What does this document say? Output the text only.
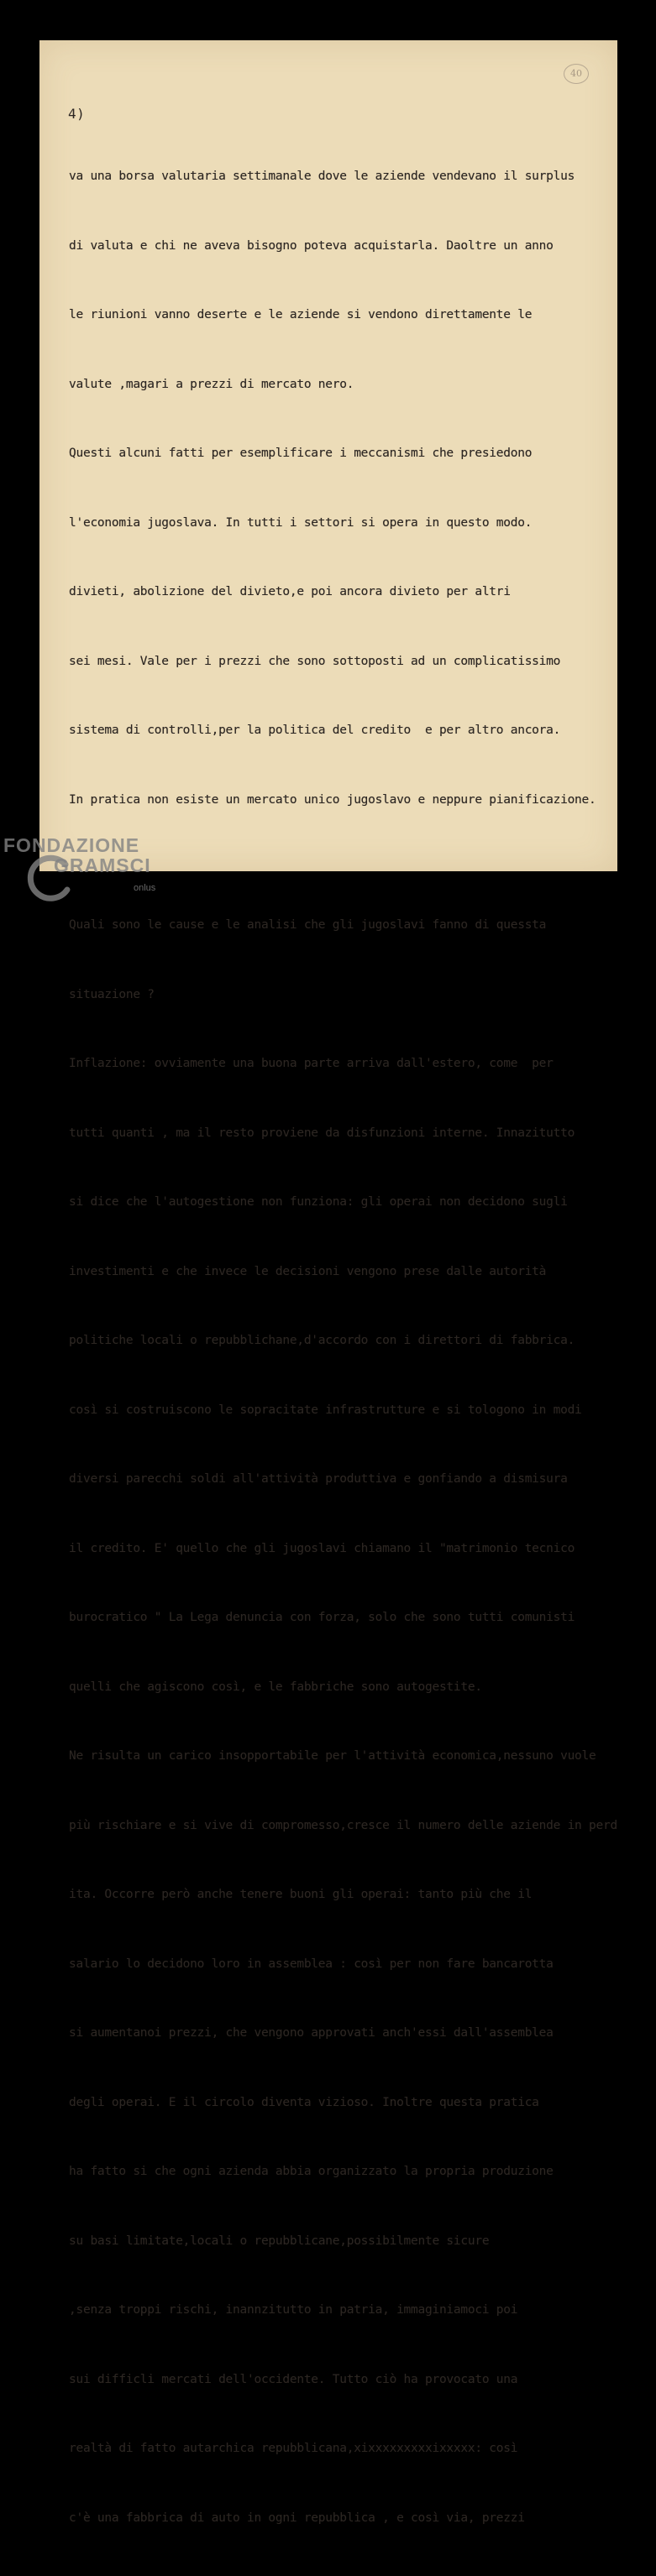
40
4)

va una borsa valutaria settimanale dove le aziende vendevano il surplus

di valuta e chi ne aveva bisogno poteva acquistarla. Daoltre un anno

le riunioni vanno deserte e le aziende si vendono direttamente le

valute ,magari a prezzi di mercato nero.

Questi alcuni fatti per esemplificare i meccanismi che presiedono

l'economia jugoslava. In tutti i settori si opera in questo modo.

divieti, abolizione del divieto,e poi ancora divieto per altri

sei mesi. Vale per i prezzi che sono sottoposti ad un complicatissimo

sistema di controlli,per la politica del credito  e per altro ancora.

In pratica non esiste un mercato unico jugoslavo e neppure pianificazione.

Quali sono le cause e le analisi che gli jugoslavi fanno di quessta

situazione ?

Inflazione: ovviamente una buona parte arriva dall'estero, come  per

tutti quanti , ma il resto proviene da disfunzioni interne. Innazitutto

si dice che l'autogestione non funziona: gli operai non decidono sugli

investimenti e che invece le decisioni vengono prese dalle autorità

politiche locali o repubblichane,d'accordo con i direttori di fabbrica.

così si costruiscono le sopracitate infrastrutture e si tologono in modi

diversi parecchi soldi all'attività produttiva e gonfiando a dismisura

il credito. E' quello che gli jugoslavi chiamano il "matrimonio tecnico

burocratico " La Lega denuncia con forza, solo che sono tutti comunisti

quelli che agiscono così, e le fabbriche sono autogestite.

Ne risulta un carico insopportabile per l'attività economica,nessuno vuole

più rischiare e si vive di compromesso,cresce il numero delle aziende in perd

ita. Occorre però anche tenere buoni gli operai: tanto più che il

salario lo decidono loro in assemblea : così per non fare bancarotta

si aumentanoi prezzi, che vengono approvati anch'essi dall'assemblea

degli operai. E il circolo diventa vizioso. Inoltre questa pratica

ha fatto si che ogni azienda abbia organizzato la propria produzione

su basi limitate,locali o repubblicane,possibilmente sicure

,senza troppi rischi, inannzitutto in patria, immaginiamoci poi

sui difficli mercati dell'occidente. Tutto ciò ha provocato una

realtà di fatto autarchica repubblicana,xixxxxxxxxxixxxxx: così

c'è una fabbrica di auto in ogni repubblica , e così via, prezzi

FONDAZIONE
GRAMSCI
onlus
